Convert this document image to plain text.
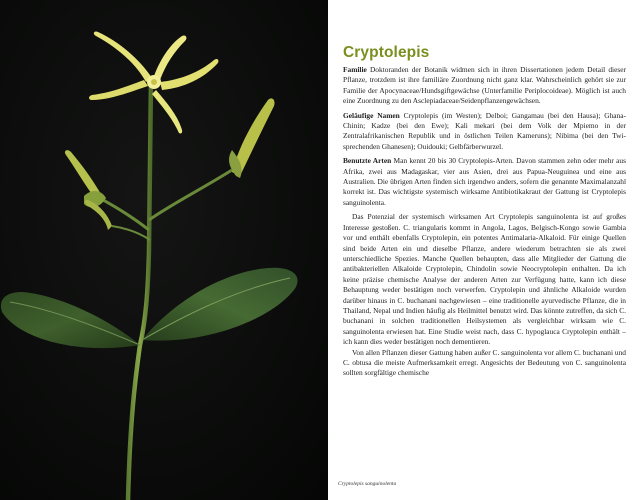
Cryptolepis sanguinolenta
Cryptolepis

Familie Doktoranden der Botanik widmen sich in ihren Dissertationen jedem Detail dieser Pflanze, trotzdem ist ihre familiäre Zuordnung nicht ganz klar. Wahrscheinlich gehört sie zur Familie der Apocynaceae/Hundsgiftgewächse (Unterfamilie Periplocoideae). Möglich ist auch eine Zuordnung zu den Asclepiadaceae/Seidenpflanzengewächsen.

Geläufige Namen Cryptolepis (im Westen); Delboi; Gangamau (bei den Hausa); Ghana-Chinin; Kadze (bei den Ewe); Kali mekari (bei dem Volk der Mpiemo in der Zentralafrikanischen Republik und in östlichen Teilen Kameruns); Nibima (bei den Twi-sprechenden Ghanesen); Ouidouki; Gelbfärberwurzel.

Benutzte Arten Man kennt 20 bis 30 Cryptolepis-Arten. Davon stammen zehn oder mehr aus Afrika, zwei aus Madagaskar, vier aus Asien, drei aus Papua-Neuguinea und eine aus Australien. Die übrigen Arten finden sich irgendwo anders, sofern die genannte Maximalanzahl korrekt ist. Das wichtigste systemisch wirksame Antibiotikakraut der Gattung ist Cryptolepis sanguinolenta.

Das Potenzial der systemisch wirksamen Art Cryptolepis sanguinolenta ist auf großes Interesse gestoßen. C. triangularis kommt in Angola, Lagos, Belgisch-Kongo sowie Gambia vor und enthält ebenfalls Cryptolepin, ein potentes Antimalaria-Alkaloid. Für einige Quellen sind beide Arten ein und dieselbe Pflanze, andere wiederum betrachten sie als zwei unterschiedliche Spezies. Manche Quellen behaupten, dass alle Mitglieder der Gattung die antibakteriellen Alkaloide Cryptolepin, Chindolin sowie Neocryptolepin enthalten. Da ich keine präzise chemische Analyse der anderen Arten zur Verfügung hatte, kann ich diese Behauptung weder bestätigen noch verwerfen. Cryptolepin und ähnliche Alkaloide wurden darüber hinaus in C. buchanani nachgewiesen – eine traditionelle ayurvedische Pflanze, die in Thailand, Nepal und Indien häufig als Heilmittel benutzt wird. Das könnte zutreffen, da sich C. buchanani in solchen traditionellen Heilsystemen als vergleichbar wirksam wie C. sanguinolenta erwiesen hat. Eine Studie weist nach, dass C. hypoglauca Cryptolepin enthält – ich kann dies weder bestätigen noch dementieren.

Von allen Pflanzen dieser Gattung haben außer C. sanguinolenta vor allem C. buchanani und C. obtusa die meiste Aufmerksamkeit erregt. Angesichts der Bedeutung von C. sanguinolenta sollten sorgfältige chemische
